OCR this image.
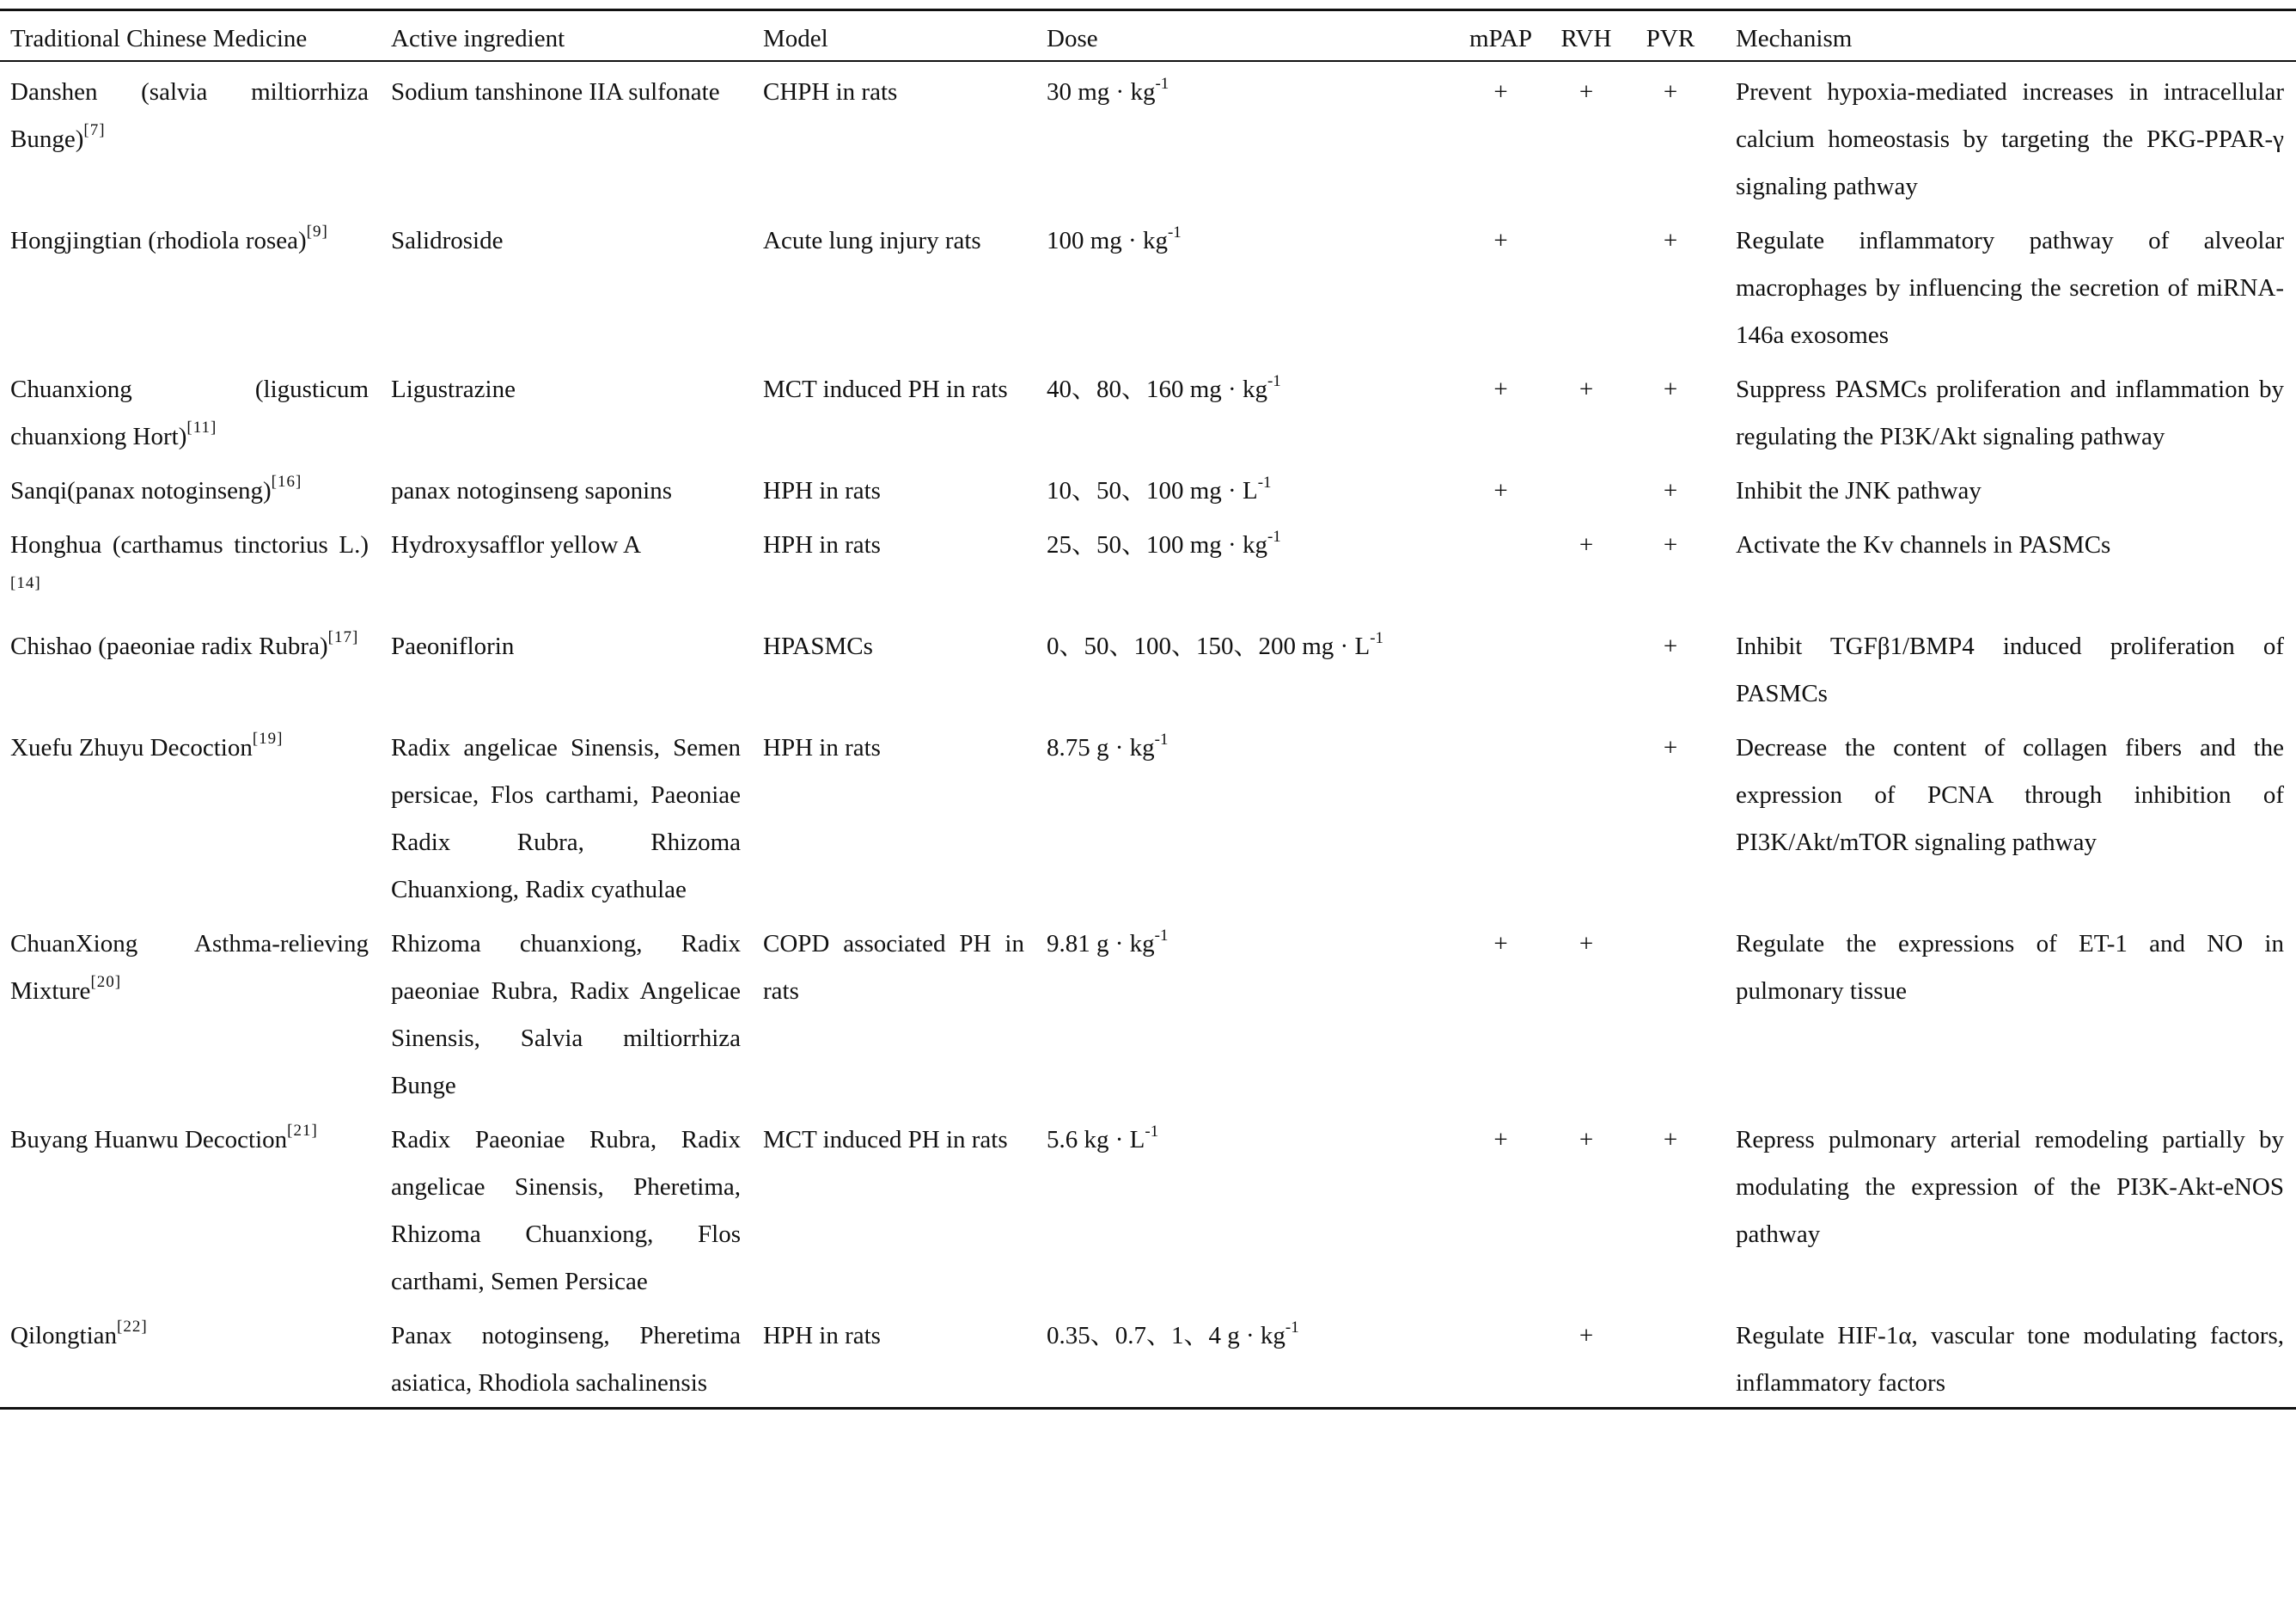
Traditional Chinese Medicine	Active ingredient	Model	Dose	mPAP	RVH	PVR	Mechanism
Danshen (salvia miltiorrhiza Bunge)[7]	Sodium tanshinone IIA sulfonate	CHPH in rats	30 mg · $kg^{-1}$	+	+	+	Prevent hypoxia-mediated increases in intracellular calcium homeostasis by targeting the PKG-PPAR-γ signaling pathway
Hongjingtian (rhodiola rosea)[9]	Salidroside	Acute lung injury rats	100 mg · $kg^{-1}$	+		+	Regulate inflammatory pathway of alveolar macrophages by influencing the secretion of miRNA-146a exosomes
Chuanxiong (ligusticum chuanxiong Hort)[11]	Ligustrazine	MCT induced PH in rats	40、80、160 mg · $kg^{-1}$	+	+	+	Suppress PASMCs proliferation and inflammation by regulating the PI3K/Akt signaling pathway
Sanqi(panax notoginseng)[16]	panax notoginseng saponins	HPH in rats	10、50、100 mg · $L^{-1}$	+		+	Inhibit the JNK pathway
Honghua (carthamus tinctorius L.)[14]	Hydroxysafflor yellow A	HPH in rats	25、50、100 mg · $kg^{-1}$		+	+	Activate the Kv channels in PASMCs
Chishao (paeoniae radix Rubra)[17]	Paeoniflorin	HPASMCs	0、50、100、150、200 mg · $L^{-1}$			+	Inhibit TGFβ1/BMP4 induced proliferation of PASMCs
Xuefu Zhuyu Decoction[19]	Radix angelicae Sinensis, Semen persicae, Flos carthami, Paeoniae Radix Rubra, Rhizoma Chuanxiong, Radix cyathulae	HPH in rats	8.75 $g \cdot kg^{-1}$			+	Decrease the content of collagen fibers and the expression of PCNA through inhibition of PI3K/Akt/mTOR signaling pathway
ChuanXiong Asthma-relieving Mixture[20]	Rhizoma chuanxiong, Radix paeoniae Rubra, Radix Angelicae Sinensis, Salvia miltiorrhiza Bunge	COPD associated PH in rats	9.81 $g \cdot kg^{-1}$	+	+		Regulate the expressions of ET-1 and NO in pulmonary tissue
Buyang Huanwu Decoction[21]	Radix Paeoniae Rubra, Radix angelicae Sinensis, Pheretima, Rhizoma Chuanxiong, Flos carthami, Semen Persicae	MCT induced PH in rats	5.6 kg · $L^{-1}$	+	+	+	Repress pulmonary arterial remodeling partially by modulating the expression of the PI3K-Akt-eNOS pathway
Qilongtian[22]	Panax notoginseng, Pheretima asiatica, Rhodiola sachalinensis	HPH in rats	0.35、0.7、1、4 $g \cdot kg^{-1}$		+		Regulate HIF-1α, vascular tone modulating factors, inflammatory factors
